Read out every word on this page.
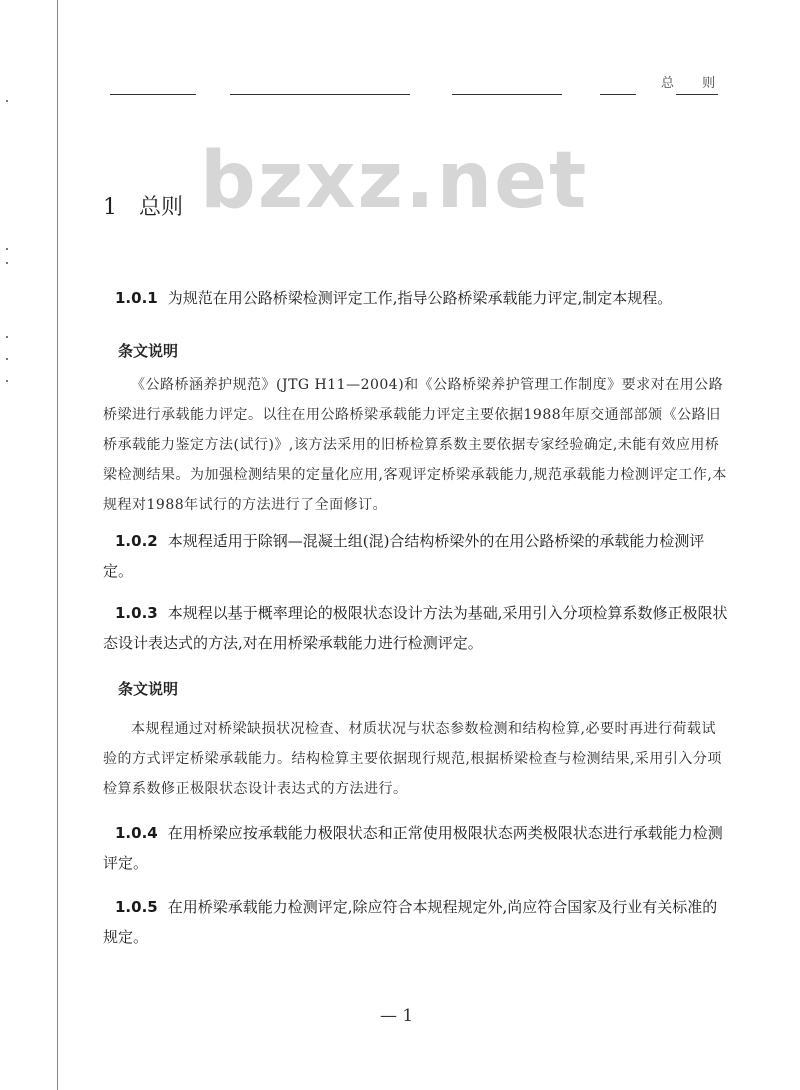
总 则
bzxz.net
1 总则

1.0.1 为规范在用公路桥梁检测评定工作,指导公路桥梁承载能力评定,制定本规程。

条文说明

《公路桥涵养护规范》(JTG H11—2004)和《公路桥梁养护管理工作制度》要求对在用公路桥梁进行承载能力评定。以往在用公路桥梁承载能力评定主要依据1988年原交通部部颁《公路旧桥承载能力鉴定方法(试行)》,该方法采用的旧桥检算系数主要依据专家经验确定,未能有效应用桥梁检测结果。为加强检测结果的定量化应用,客观评定桥梁承载能力,规范承载能力检测评定工作,本规程对1988年试行的方法进行了全面修订。

1.0.2 本规程适用于除钢—混凝土组(混)合结构桥梁外的在用公路桥梁的承载能力检测评定。

1.0.3 本规程以基于概率理论的极限状态设计方法为基础,采用引入分项检算系数修正极限状态设计表达式的方法,对在用桥梁承载能力进行检测评定。

条文说明

本规程通过对桥梁缺损状况检查、材质状况与状态参数检测和结构检算,必要时再进行荷载试验的方式评定桥梁承载能力。结构检算主要依据现行规范,根据桥梁检查与检测结果,采用引入分项检算系数修正极限状态设计表达式的方法进行。

1.0.4 在用桥梁应按承载能力极限状态和正常使用极限状态两类极限状态进行承载能力检测评定。

1.0.5 在用桥梁承载能力检测评定,除应符合本规程规定外,尚应符合国家及行业有关标准的规定。

— 1
